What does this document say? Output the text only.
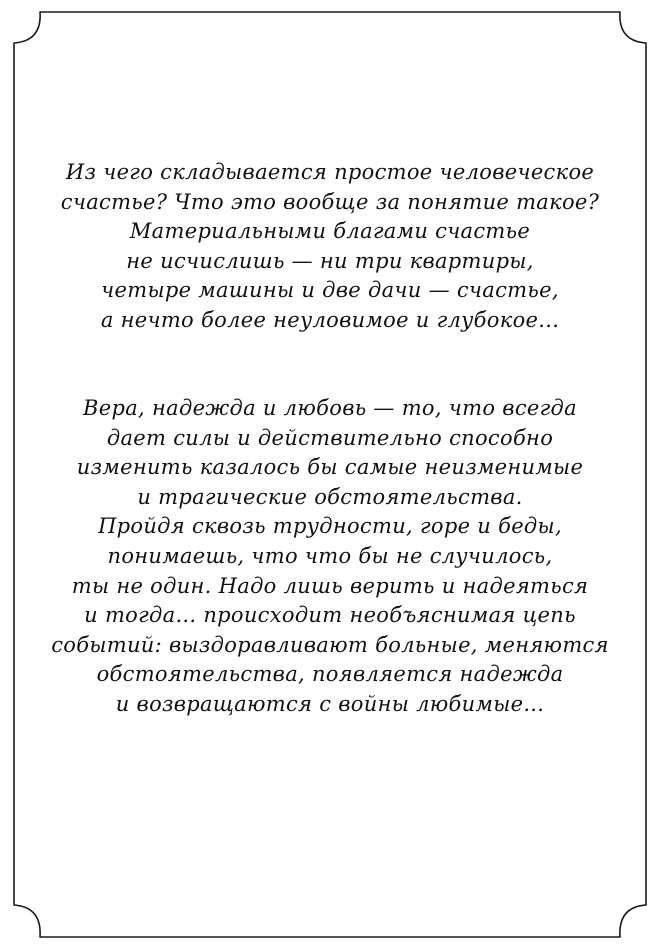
Из чего складывается простое человеческое
счастье? Что это вообще за понятие такое?
Материальными благами счастье
не исчислишь — ни три квартиры,
четыре машины и две дачи — счастье,
а нечто более неуловимое и глубокое...
Вера, надежда и любовь — то, что всегда
дает силы и действительно способно
изменить казалось бы самые неизменимые
и трагические обстоятельства.
Пройдя сквозь трудности, горе и беды,
понимаешь, что что бы не случилось,
ты не один. Надо лишь верить и надеяться
и тогда... происходит необъяснимая цепь
событий: выздоравливают больные, меняются
обстоятельства, появляется надежда
и возвращаются с войны любимые...
